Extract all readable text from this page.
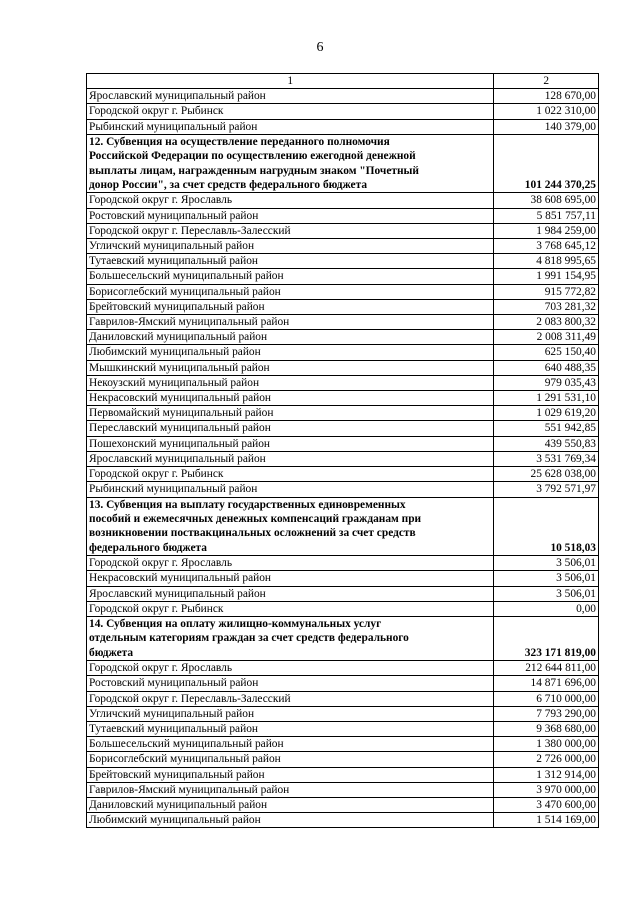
6
1	2
Ярославский муниципальный район	128 670,00
Городской округ г. Рыбинск	1 022 310,00
Рыбинский муниципальный район	140 379,00

12. Субвенция на осуществление переданного полномочия
Российской Федерации по осуществлению ежегодной денежной
выплаты лицам, награжденным нагрудным знаком "Почетный
донор России", за счет средств федерального бюджета	101 244 370,25
Городской округ г. Ярославль	38 608 695,00
Ростовский муниципальный район	5 851 757,11
Городской округ г. Переславль-Залесский	1 984 259,00
Угличский муниципальный район	3 768 645,12
Тутаевский муниципальный район	4 818 995,65
Большесельский муниципальный район	1 991 154,95
Борисоглебский муниципальный район	915 772,82
Брейтовский муниципальный район	703 281,32
Гаврилов-Ямский муниципальный район	2 083 800,32
Даниловский муниципальный район	2 008 311,49
Любимский муниципальный район	625 150,40
Мышкинский муниципальный район	640 488,35
Некоузский муниципальный район	979 035,43
Некрасовский муниципальный район	1 291 531,10
Первомайский муниципальный район	1 029 619,20
Переславский муниципальный район	551 942,85
Пошехонский муниципальный район	439 550,83
Ярославский муниципальный район	3 531 769,34
Городской округ г. Рыбинск	25 628 038,00
Рыбинский муниципальный район	3 792 571,97

13. Субвенция на выплату государственных единовременных
пособий и ежемесячных денежных компенсаций гражданам при
возникновении поствакцинальных осложнений за счет средств
федерального бюджета	10 518,03
Городской округ г. Ярославль	3 506,01
Некрасовский муниципальный район	3 506,01
Ярославский муниципальный район	3 506,01
Городской округ г. Рыбинск	0,00

14. Субвенция на оплату жилищно-коммунальных услуг
отдельным категориям граждан за счет средств федерального
бюджета	323 171 819,00
Городской округ г. Ярославль	212 644 811,00
Ростовский муниципальный район	14 871 696,00
Городской округ г. Переславль-Залесский	6 710 000,00
Угличский муниципальный район	7 793 290,00
Тутаевский муниципальный район	9 368 680,00
Большесельский муниципальный район	1 380 000,00
Борисоглебский муниципальный район	2 726 000,00
Брейтовский муниципальный район	1 312 914,00
Гаврилов-Ямский муниципальный район	3 970 000,00
Даниловский муниципальный район	3 470 600,00
Любимский муниципальный район	1 514 169,00
